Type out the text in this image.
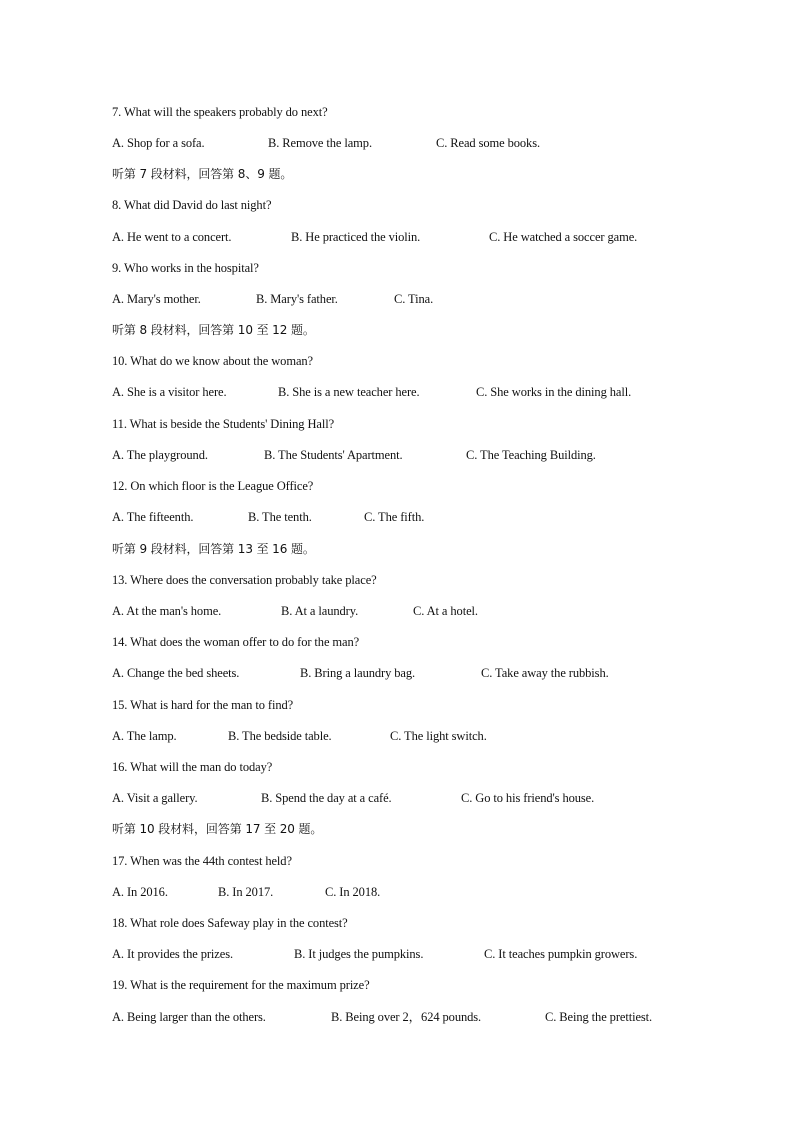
7. What will the speakers probably do next?
A. Shop for a sofa.	B. Remove the lamp.	C. Read some books.
听第 7 段材料，回答第 8、9 题。
8. What did David do last night?
A. He went to a concert.	B. He practiced the violin.	C. He watched a soccer game.
9. Who works in the hospital?
A. Mary's mother.	B. Mary's father.	C. Tina.
听第 8 段材料，回答第 10 至 12 题。
10. What do we know about the woman?
A. She is a visitor here.	B. She is a new teacher here.	C. She works in the dining hall.
11. What is beside the Students' Dining Hall?
A. The playground.	B. The Students' Apartment.	C. The Teaching Building.
12. On which floor is the League Office?
A. The fifteenth.	B. The tenth.	C. The fifth.
听第 9 段材料，回答第 13 至 16 题。
13. Where does the conversation probably take place?
A. At the man's home.	B. At a laundry.	C. At a hotel.
14. What does the woman offer to do for the man?
A. Change the bed sheets.	B. Bring a laundry bag.	C. Take away the rubbish.
15. What is hard for the man to find?
A. The lamp.	B. The bedside table.	C. The light switch.
16. What will the man do today?
A. Visit a gallery.	B. Spend the day at a café.	C. Go to his friend's house.
听第 10 段材料，回答第 17 至 20 题。
17. When was the 44th contest held?
A. In 2016.	B. In 2017.	C. In 2018.
18. What role does Safeway play in the contest?
A. It provides the prizes.	B. It judges the pumpkins.	C. It teaches pumpkin growers.
19. What is the requirement for the maximum prize?
A. Being larger than the others.	B. Being over 2，624 pounds.	C. Being the prettiest.
